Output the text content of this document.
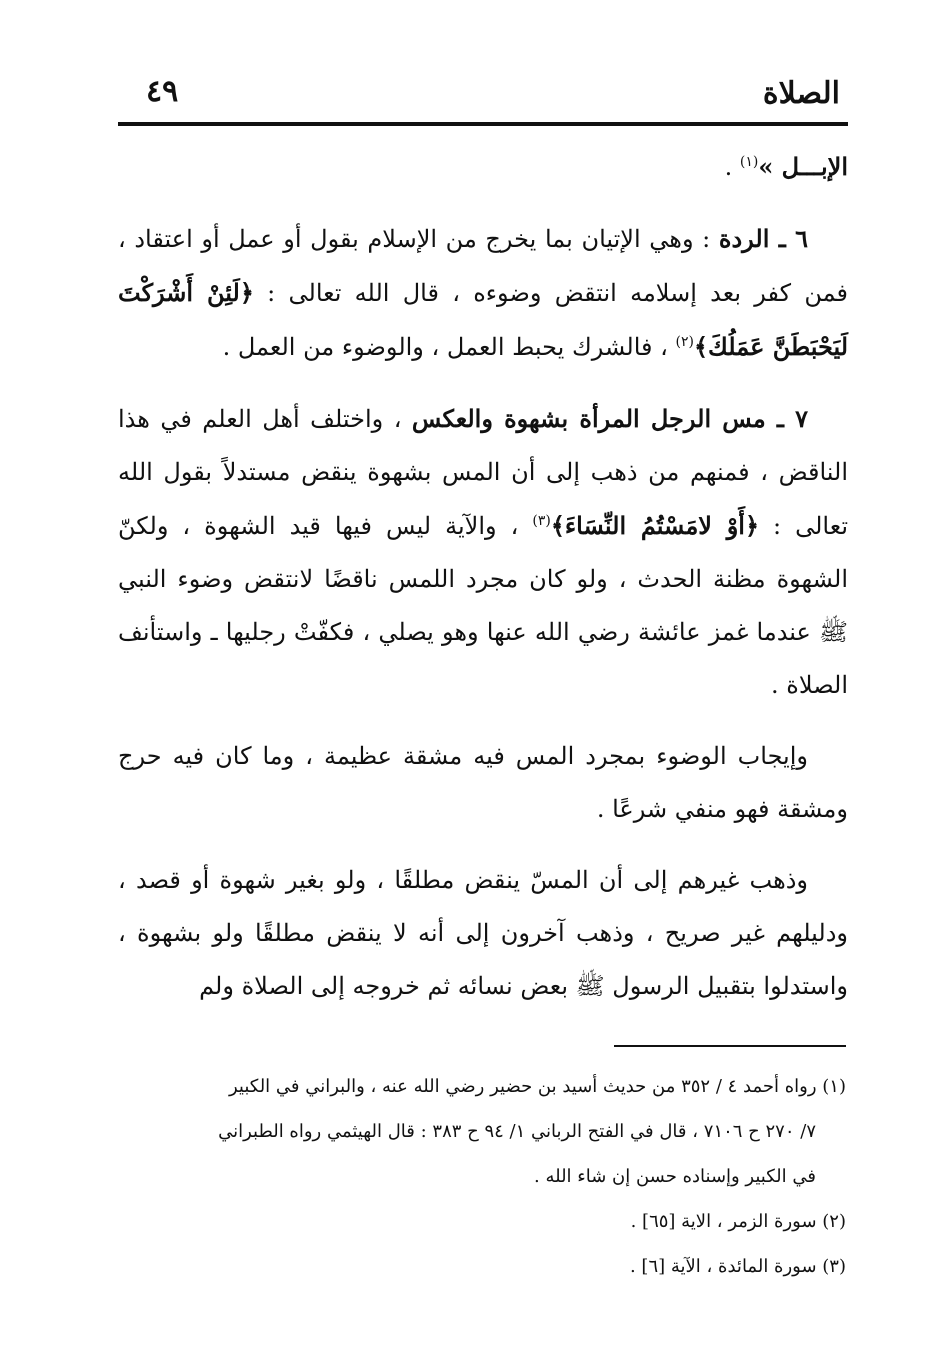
٤٩	الصلاة

الإبـــل »$^{(١)}$ .

٦ ـ الردة : وهي الإتيان بما يخرج من الإسلام بقول أو عمل أو اعتقاد ، فمن كفر بعد إسلامه انتقض وضوءه ، قال الله تعالى : ﴿لَئِنْ أَشْرَكْتَ لَيَحْبَطَنَّ عَمَلُكَ﴾$^{(٢)}$ ، فالشرك يحبط العمل ، والوضوء من العمل .

٧ ـ مس الرجل المرأة بشهوة والعكس ، واختلف أهل العلم في هذا الناقض ، فمنهم من ذهب إلى أن المس بشهوة ينقض مستدلاً بقول الله تعالى : ﴿أَوْ لامَسْتُمُ النِّسَاءَ﴾$^{(٣)}$ ، والآية ليس فيها قيد الشهوة ، ولكنّ الشهوة مظنة الحدث ، ولو كان مجرد اللمس ناقضًا لانتقض وضوء النبي ﷺ عندما غمز عائشة رضي الله عنها وهو يصلي ، فكفّتْ رجليها ـ واستأنف الصلاة .

وإيجاب الوضوء بمجرد المس فيه مشقة عظيمة ، وما كان فيه حرج ومشقة فهو منفي شرعًا .

وذهب غيرهم إلى أن المسّ ينقض مطلقًا ، ولو بغير شهوة أو قصد ، ودليلهم غير صريح ، وذهب آخرون إلى أنه لا ينقض مطلقًا ولو بشهوة ، واستدلوا بتقبيل الرسول ﷺ بعض نسائه ثم خروجه إلى الصلاة ولم

(١) رواه أحمد ٤ / ٣٥٢ من حديث أسيد بن حضير رضي الله عنه ، والبراني في الكبير

٧/ ٢٧٠ ح ٧١٠٦ ، قال في الفتح الرباني ١/ ٩٤ ح ٣٨٣ : قال الهيثمي رواه الطبراني

في الكبير وإسناده حسن إن شاء الله .

(٢) سورة الزمر ، الاية [٦٥] .

(٣) سورة المائدة ، الآية [٦] .
